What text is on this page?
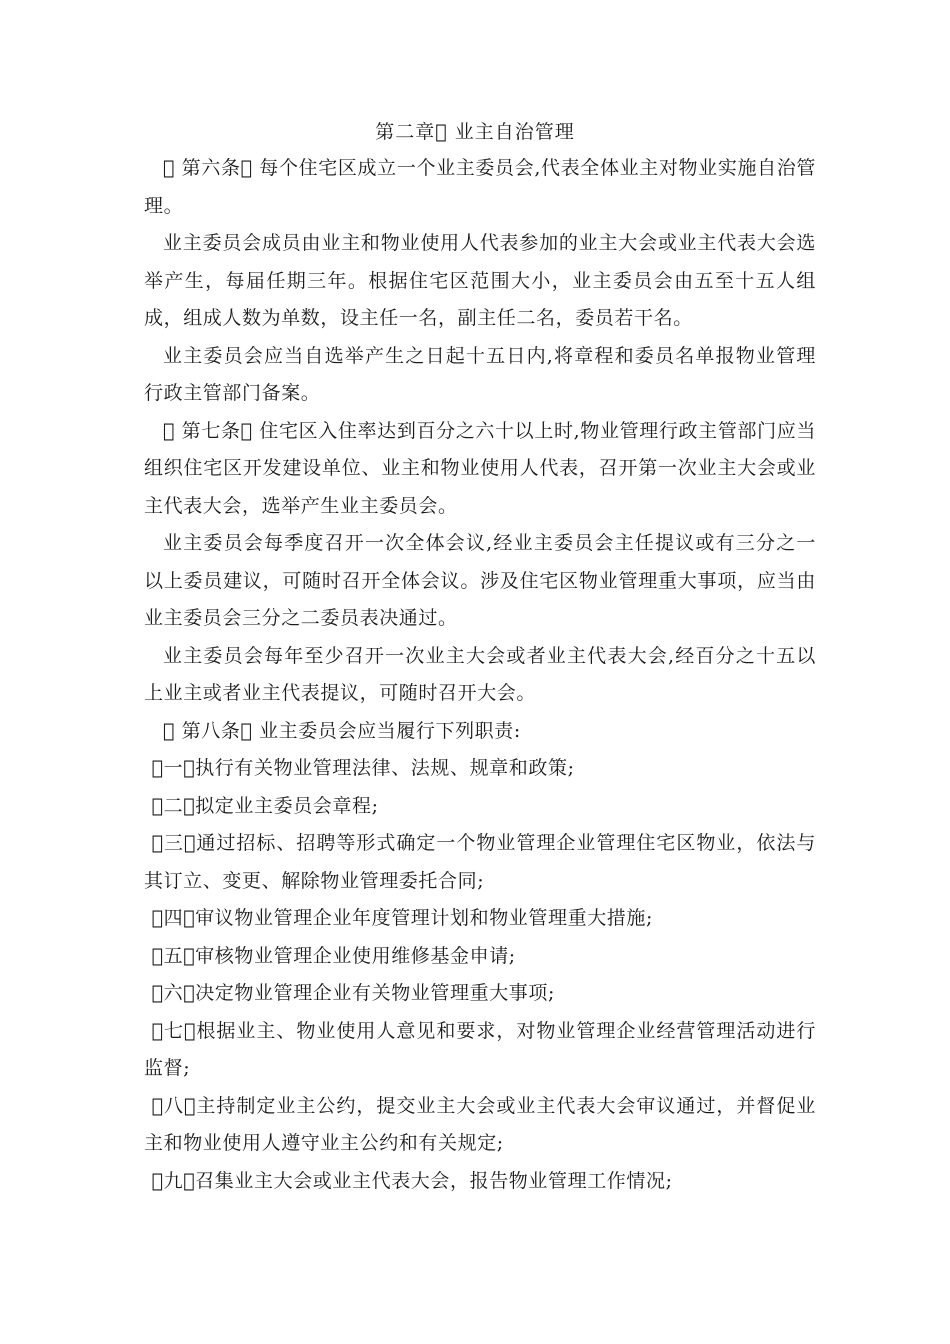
第二章  业主自治管理

  第六条  每个住宅区成立一个业主委员会,代表全体业主对物业实施自治管理。

业主委员会成员由业主和物业使用人代表参加的业主大会或业主代表大会选举产生，每届任期三年。根据住宅区范围大小，业主委员会由五至十五人组成，组成人数为单数，设主任一名，副主任二名，委员若干名。

业主委员会应当自选举产生之日起十五日内,将章程和委员名单报物业管理行政主管部门备案。

  第七条  住宅区入住率达到百分之六十以上时,物业管理行政主管部门应当组织住宅区开发建设单位、业主和物业使用人代表，召开第一次业主大会或业主代表大会，选举产生业主委员会。

业主委员会每季度召开一次全体会议,经业主委员会主任提议或有三分之一以上委员建议，可随时召开全体会议。涉及住宅区物业管理重大事项，应当由业主委员会三分之二委员表决通过。

业主委员会每年至少召开一次业主大会或者业主代表大会,经百分之十五以上业主或者业主代表提议，可随时召开大会。

  第八条  业主委员会应当履行下列职责:

 一 执行有关物业管理法律、法规、规章和政策;

 二 拟定业主委员会章程;

 三 通过招标、招聘等形式确定一个物业管理企业管理住宅区物业，依法与其订立、变更、解除物业管理委托合同;

 四 审议物业管理企业年度管理计划和物业管理重大措施;

 五 审核物业管理企业使用维修基金申请;

 六 决定物业管理企业有关物业管理重大事项;

 七 根据业主、物业使用人意见和要求，对物业管理企业经营管理活动进行监督;

 八 主持制定业主公约，提交业主大会或业主代表大会审议通过，并督促业主和物业使用人遵守业主公约和有关规定;

 九 召集业主大会或业主代表大会，报告物业管理工作情况;
